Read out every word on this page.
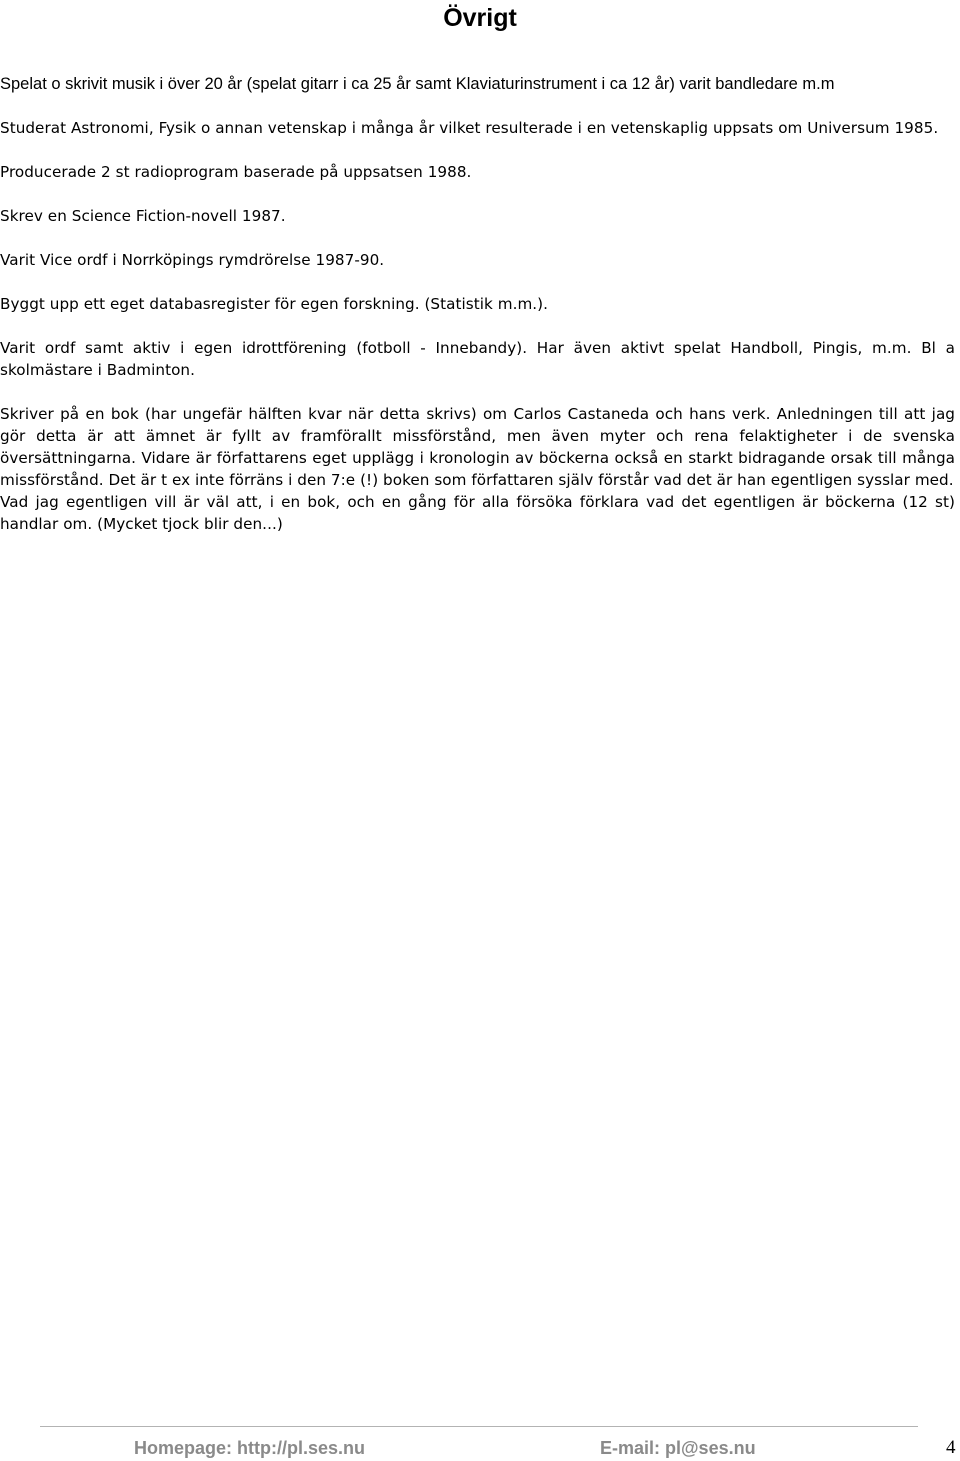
Övrigt

Spelat o skrivit musik i över 20 år (spelat gitarr i ca 25 år samt Klaviaturinstrument i ca 12 år) varit bandledare m.m

Studerat Astronomi, Fysik o annan vetenskap i många år vilket resulterade i en vetenskaplig uppsats om Universum 1985.

Producerade 2 st radioprogram baserade på uppsatsen 1988.

Skrev en Science Fiction-novell 1987.

Varit Vice ordf i Norrköpings rymdrörelse 1987-90.

Byggt upp ett eget databasregister för egen forskning. (Statistik m.m.).

Varit ordf samt aktiv i egen idrottförening (fotboll - Innebandy). Har även aktivt spelat Handboll, Pingis, m.m. Bl a skolmästare i Badminton.

Skriver på en bok (har ungefär hälften kvar när detta skrivs) om Carlos Castaneda och hans verk. Anledningen till att jag gör detta är att ämnet är fyllt av framförallt missförstånd, men även myter och rena felaktigheter i de svenska översättningarna. Vidare är författarens eget upplägg i kronologin av böckerna också en starkt bidragande orsak till många missförstånd. Det är t ex inte förräns i den 7:e (!) boken som författaren själv förstår vad det är han egentligen sysslar med.

Vad jag egentligen vill är väl att, i en bok, och en gång för alla försöka förklara vad det egentligen är böckerna (12 st) handlar om. (Mycket tjock blir den...)

Homepage: http://pl.ses.nu	E-mail: pl@ses.nu	4
